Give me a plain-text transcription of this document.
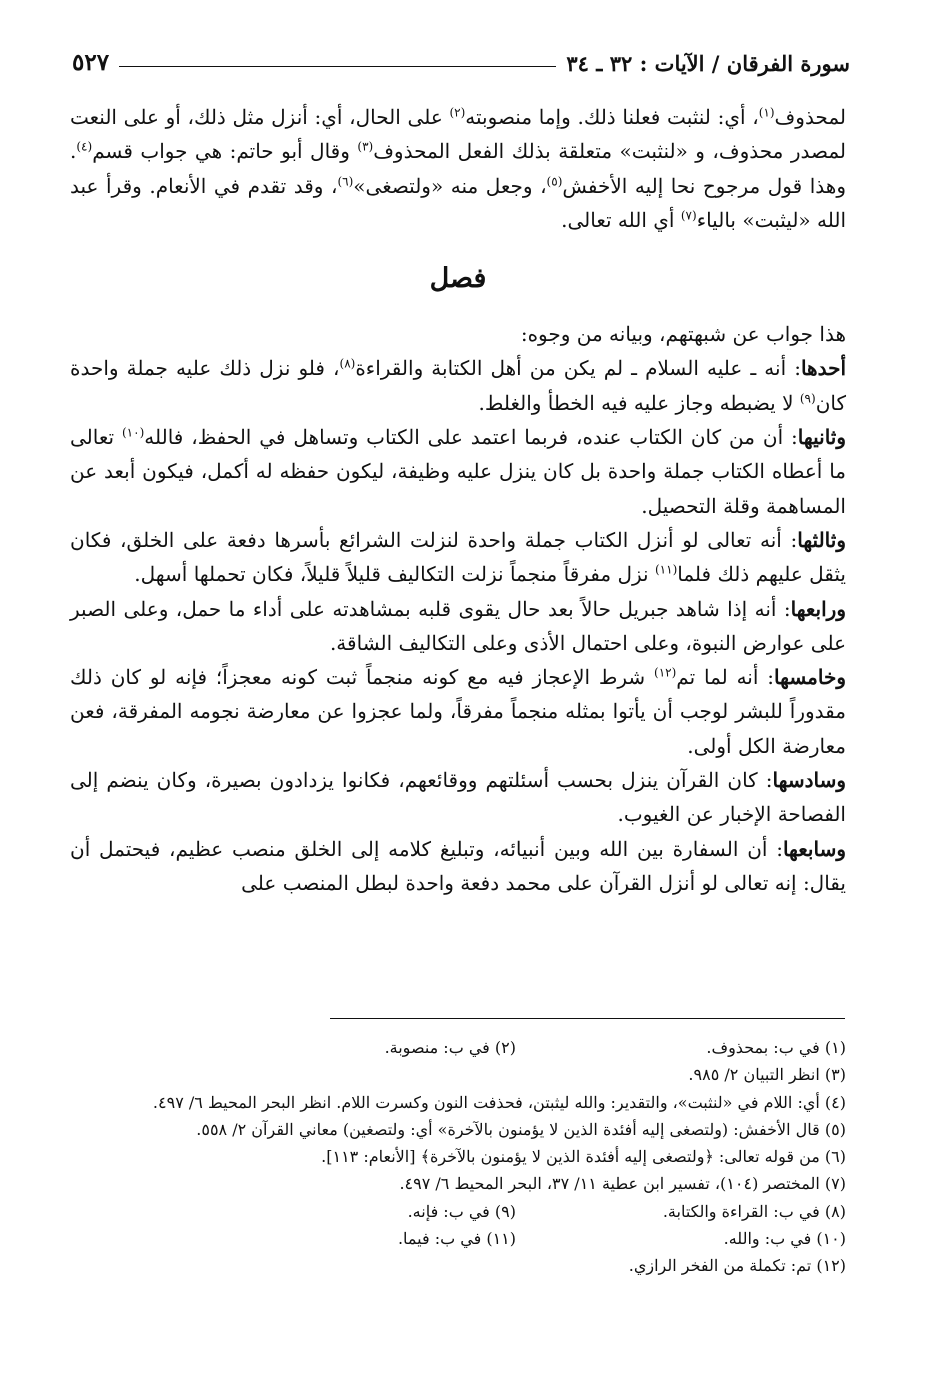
سورة الفرقان / الآيات : ٣٢ ـ ٣٤
٥٢٧

لمحذوف$^{(١)}$، أي: لنثبت فعلنا ذلك. وإما منصوبته$^{(٢)}$ على الحال، أي: أنزل مثل ذلك، أو على النعت لمصدر محذوف، و «لنثبت» متعلقة بذلك الفعل المحذوف$^{(٣)}$ وقال أبو حاتم: هي جواب قسم$^{(٤)}$. وهذا قول مرجوح نحا إليه الأخفش$^{(٥)}$، وجعل منه «ولتصغى»$^{(٦)}$، وقد تقدم في الأنعام. وقرأ عبد الله «ليثبت» بالياء$^{(٧)}$ أي الله تعالى.

فصل

هذا جواب عن شبهتهم، وبيانه من وجوه:

أحدها: أنه ـ عليه السلام ـ لم يكن من أهل الكتابة والقراءة$^{(٨)}$، فلو نزل ذلك عليه جملة واحدة كان$^{(٩)}$ لا يضبطه وجاز عليه فيه الخطأ والغلط.

وثانيها: أن من كان الكتاب عنده، فربما اعتمد على الكتاب وتساهل في الحفظ، فالله$^{(١٠)}$ تعالى ما أعطاه الكتاب جملة واحدة بل كان ينزل عليه وظيفة، ليكون حفظه له أكمل، فيكون أبعد عن المساهمة وقلة التحصيل.

وثالثها: أنه تعالى لو أنزل الكتاب جملة واحدة لنزلت الشرائع بأسرها دفعة على الخلق، فكان يثقل عليهم ذلك فلما$^{(١١)}$ نزل مفرقاً منجماً نزلت التكاليف قليلاً قليلاً، فكان تحملها أسهل.

ورابعها: أنه إذا شاهد جبريل حالاً بعد حال يقوى قلبه بمشاهدته على أداء ما حمل، وعلى الصبر على عوارض النبوة، وعلى احتمال الأذى وعلى التكاليف الشاقة.

وخامسها: أنه لما تم$^{(١٢)}$ شرط الإعجاز فيه مع كونه منجماً ثبت كونه معجزاً؛ فإنه لو كان ذلك مقدوراً للبشر لوجب أن يأتوا بمثله منجماً مفرقاً، ولما عجزوا عن معارضة نجومه المفرقة، فعن معارضة الكل أولى.

وسادسها: كان القرآن ينزل بحسب أسئلتهم ووقائعهم، فكانوا يزدادون بصيرة، وكان ينضم إلى الفصاحة الإخبار عن الغيوب.

وسابعها: أن السفارة بين الله وبين أنبيائه، وتبليغ كلامه إلى الخلق منصب عظيم، فيحتمل أن يقال: إنه تعالى لو أنزل القرآن على محمد دفعة واحدة لبطل المنصب على

(١) في ب: بمحذوف.
(٢) في ب: منصوبة.
(٣) انظر التبيان ٢/ ٩٨٥.
(٤) أي: اللام في «لنثبت»، والتقدير: والله ليثبتن، فحذفت النون وكسرت اللام. انظر البحر المحيط ٦/ ٤٩٧.
(٥) قال الأخفش: (ولتصغى إليه أفئدة الذين لا يؤمنون بالآخرة» أي: ولتصغين) معاني القرآن ٢/ ٥٥٨.
(٦) من قوله تعالى: ﴿ولتصغى إليه أفئدة الذين لا يؤمنون بالآخرة﴾ [الأنعام: ١١٣].
(٧) المختصر (١٠٤)، تفسير ابن عطية ١١/ ٣٧، البحر المحيط ٦/ ٤٩٧.
(٨) في ب: القراءة والكتابة.
(٩) في ب: فإنه.
(١٠) في ب: والله.
(١١) في ب: فيما.
(١٢) تم: تكملة من الفخر الرازي.
